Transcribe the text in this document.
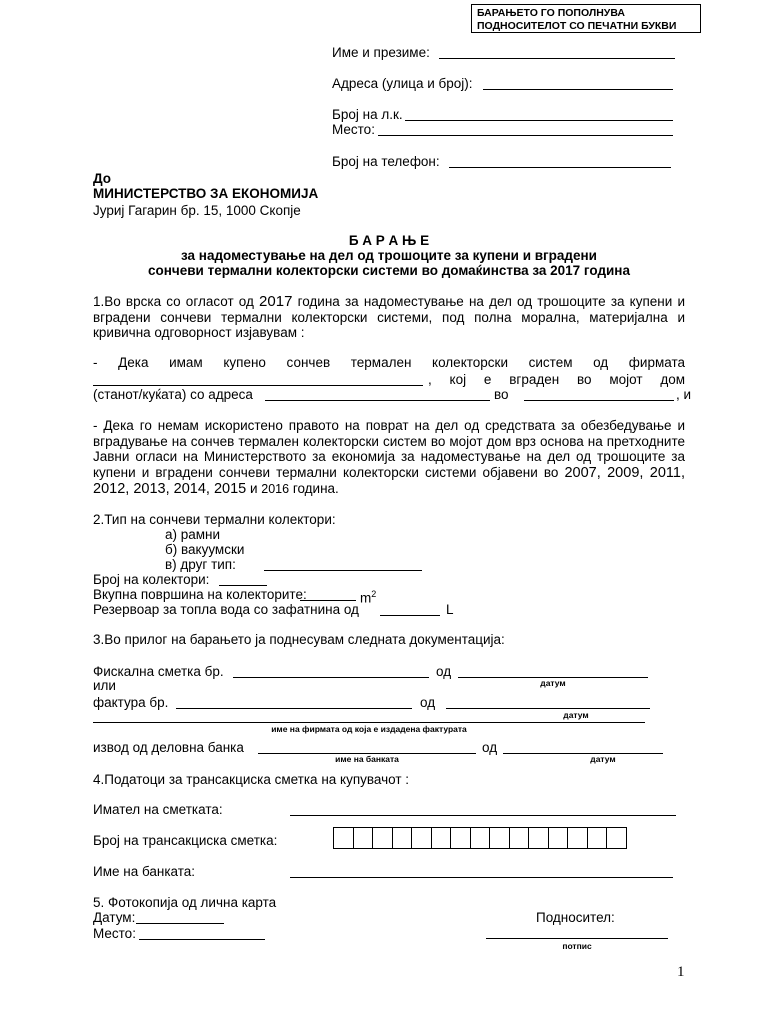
БАРАЊЕТО ГО ПОПОЛНУВА
ПОДНОСИТЕЛОТ СО ПЕЧАТНИ БУКВИ
Име и презиме:
Адреса (улица и број):
Број на л.к.
Место:
Број на телефон:
До
МИНИСТЕРСТВО ЗА ЕКОНОМИЈА
Јуриј Гагарин бр. 15, 1000 Скопје
Б А Р А Њ Е
за надоместување на дел од трошоците за купени и вградени
сончеви термални колекторски системи во домаќинства за 2017 година
1.Во врска со огласот од 2017 година за надоместување на дел од трошоците за купени и вградени сончеви термални колекторски системи, под полна морална, материјална и кривична одговорност изјавувам :
- Дека имам купено сончев термален колекторски систем од фирмата
, кој е вграден во мојот дом
(станот/куќата) со адреса	во	, и
- Дека го немам искористено правото на поврат на дел од средствата за обезбедување и вградување на сончев термален колекторски систем во мојот дом врз основа на претходните Јавни огласи на Министерството за економија за надоместување на дел од трошоците за купени и вградени сончеви термални колекторски системи објавени во 2007, 2009, 2011, 2012, 2013, 2014, 2015 и 2016 година.
2.Тип на сончеви термални колектори:
а) рамни
б) вакуумски
в) друг тип:
Број на колектори:
Вкупна површина на колекторите:	$m^2$
Резервоар за топла вода со зафатнина од	L
3.Во прилог на барањето ја поднесувам следната документација:
Фискална сметка бр.	од
датум
или
фактура бр.	од
датум
име на фирмата од која е издадена фактурата
извод од деловна банка
име на банката
од
датум
4.Податоци за трансакциска сметка на купувачот :
Имател на сметката:
Број на трансакциска сметка:
Име на банката:
5. Фотокопија од лична карта
Датум:
Место:
Подносител:
потпис
1
